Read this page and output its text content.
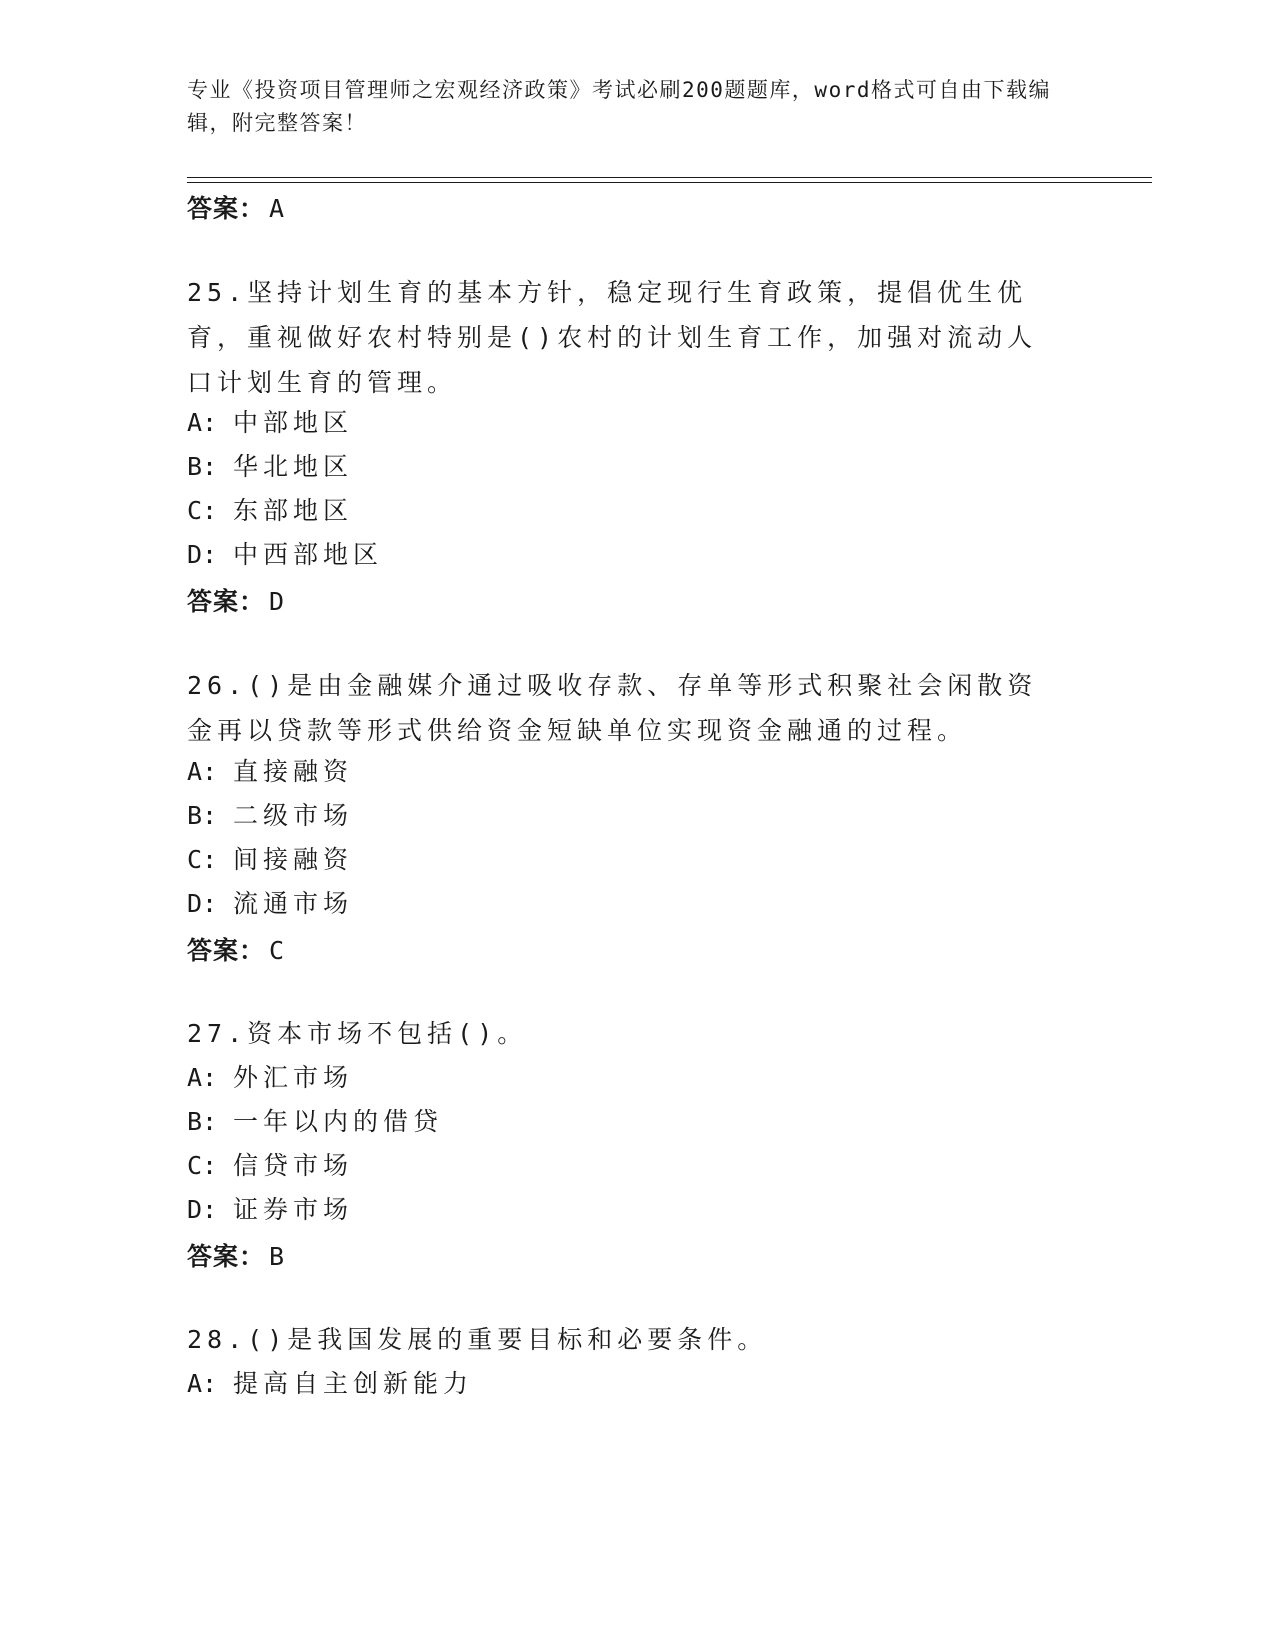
专业《投资项目管理师之宏观经济政策》考试必刷200题题库，word格式可自由下载编辑，附完整答案！
答案： A
25.坚持计划生育的基本方针，稳定现行生育政策，提倡优生优育，重视做好农村特别是()农村的计划生育工作，加强对流动人口计划生育的管理。
A: 中部地区
B: 华北地区
C: 东部地区
D: 中西部地区
答案： D
26.()是由金融媒介通过吸收存款、存单等形式积聚社会闲散资金再以贷款等形式供给资金短缺单位实现资金融通的过程。
A: 直接融资
B: 二级市场
C: 间接融资
D: 流通市场
答案： C
27.资本市场不包括()。
A: 外汇市场
B: 一年以内的借贷
C: 信贷市场
D: 证券市场
答案： B
28.()是我国发展的重要目标和必要条件。
A: 提高自主创新能力
